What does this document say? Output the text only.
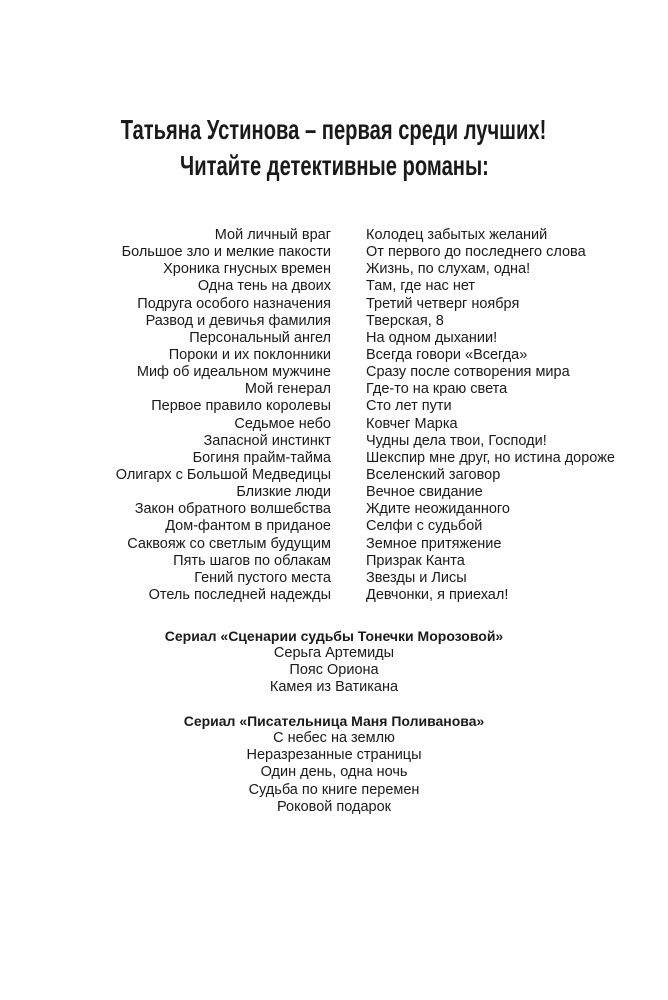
Татьяна Устинова – первая среди лучших!
Читайте детективные романы:
Мой личный враг
Большое зло и мелкие пакости
Хроника гнусных времен
Одна тень на двоих
Подруга особого назначения
Развод и девичья фамилия
Персональный ангел
Пороки и их поклонники
Миф об идеальном мужчине
Мой генерал
Первое правило королевы
Седьмое небо
Запасной инстинкт
Богиня прайм-тайма
Олигарх с Большой Медведицы
Близкие люди
Закон обратного волшебства
Дом-фантом в приданое
Саквояж со светлым будущим
Пять шагов по облакам
Гений пустого места
Отель последней надежды
Колодец забытых желаний
От первого до последнего слова
Жизнь, по слухам, одна!
Там, где нас нет
Третий четверг ноября
Тверская, 8
На одном дыхании!
Всегда говори «Всегда»
Сразу после сотворения мира
Где-то на краю света
Сто лет пути
Ковчег Марка
Чудны дела твои, Господи!
Шекспир мне друг, но истина дороже
Вселенский заговор
Вечное свидание
Ждите неожиданного
Селфи с судьбой
Земное притяжение
Призрак Канта
Звезды и Лисы
Девчонки, я приехал!
Сериал «Сценарии судьбы Тонечки Морозовой»
Серьга Артемиды
Пояс Ориона
Камея из Ватикана
Сериал «Писательница Маня Поливанова»
С небес на землю
Неразрезанные страницы
Один день, одна ночь
Судьба по книге перемен
Роковой подарок
